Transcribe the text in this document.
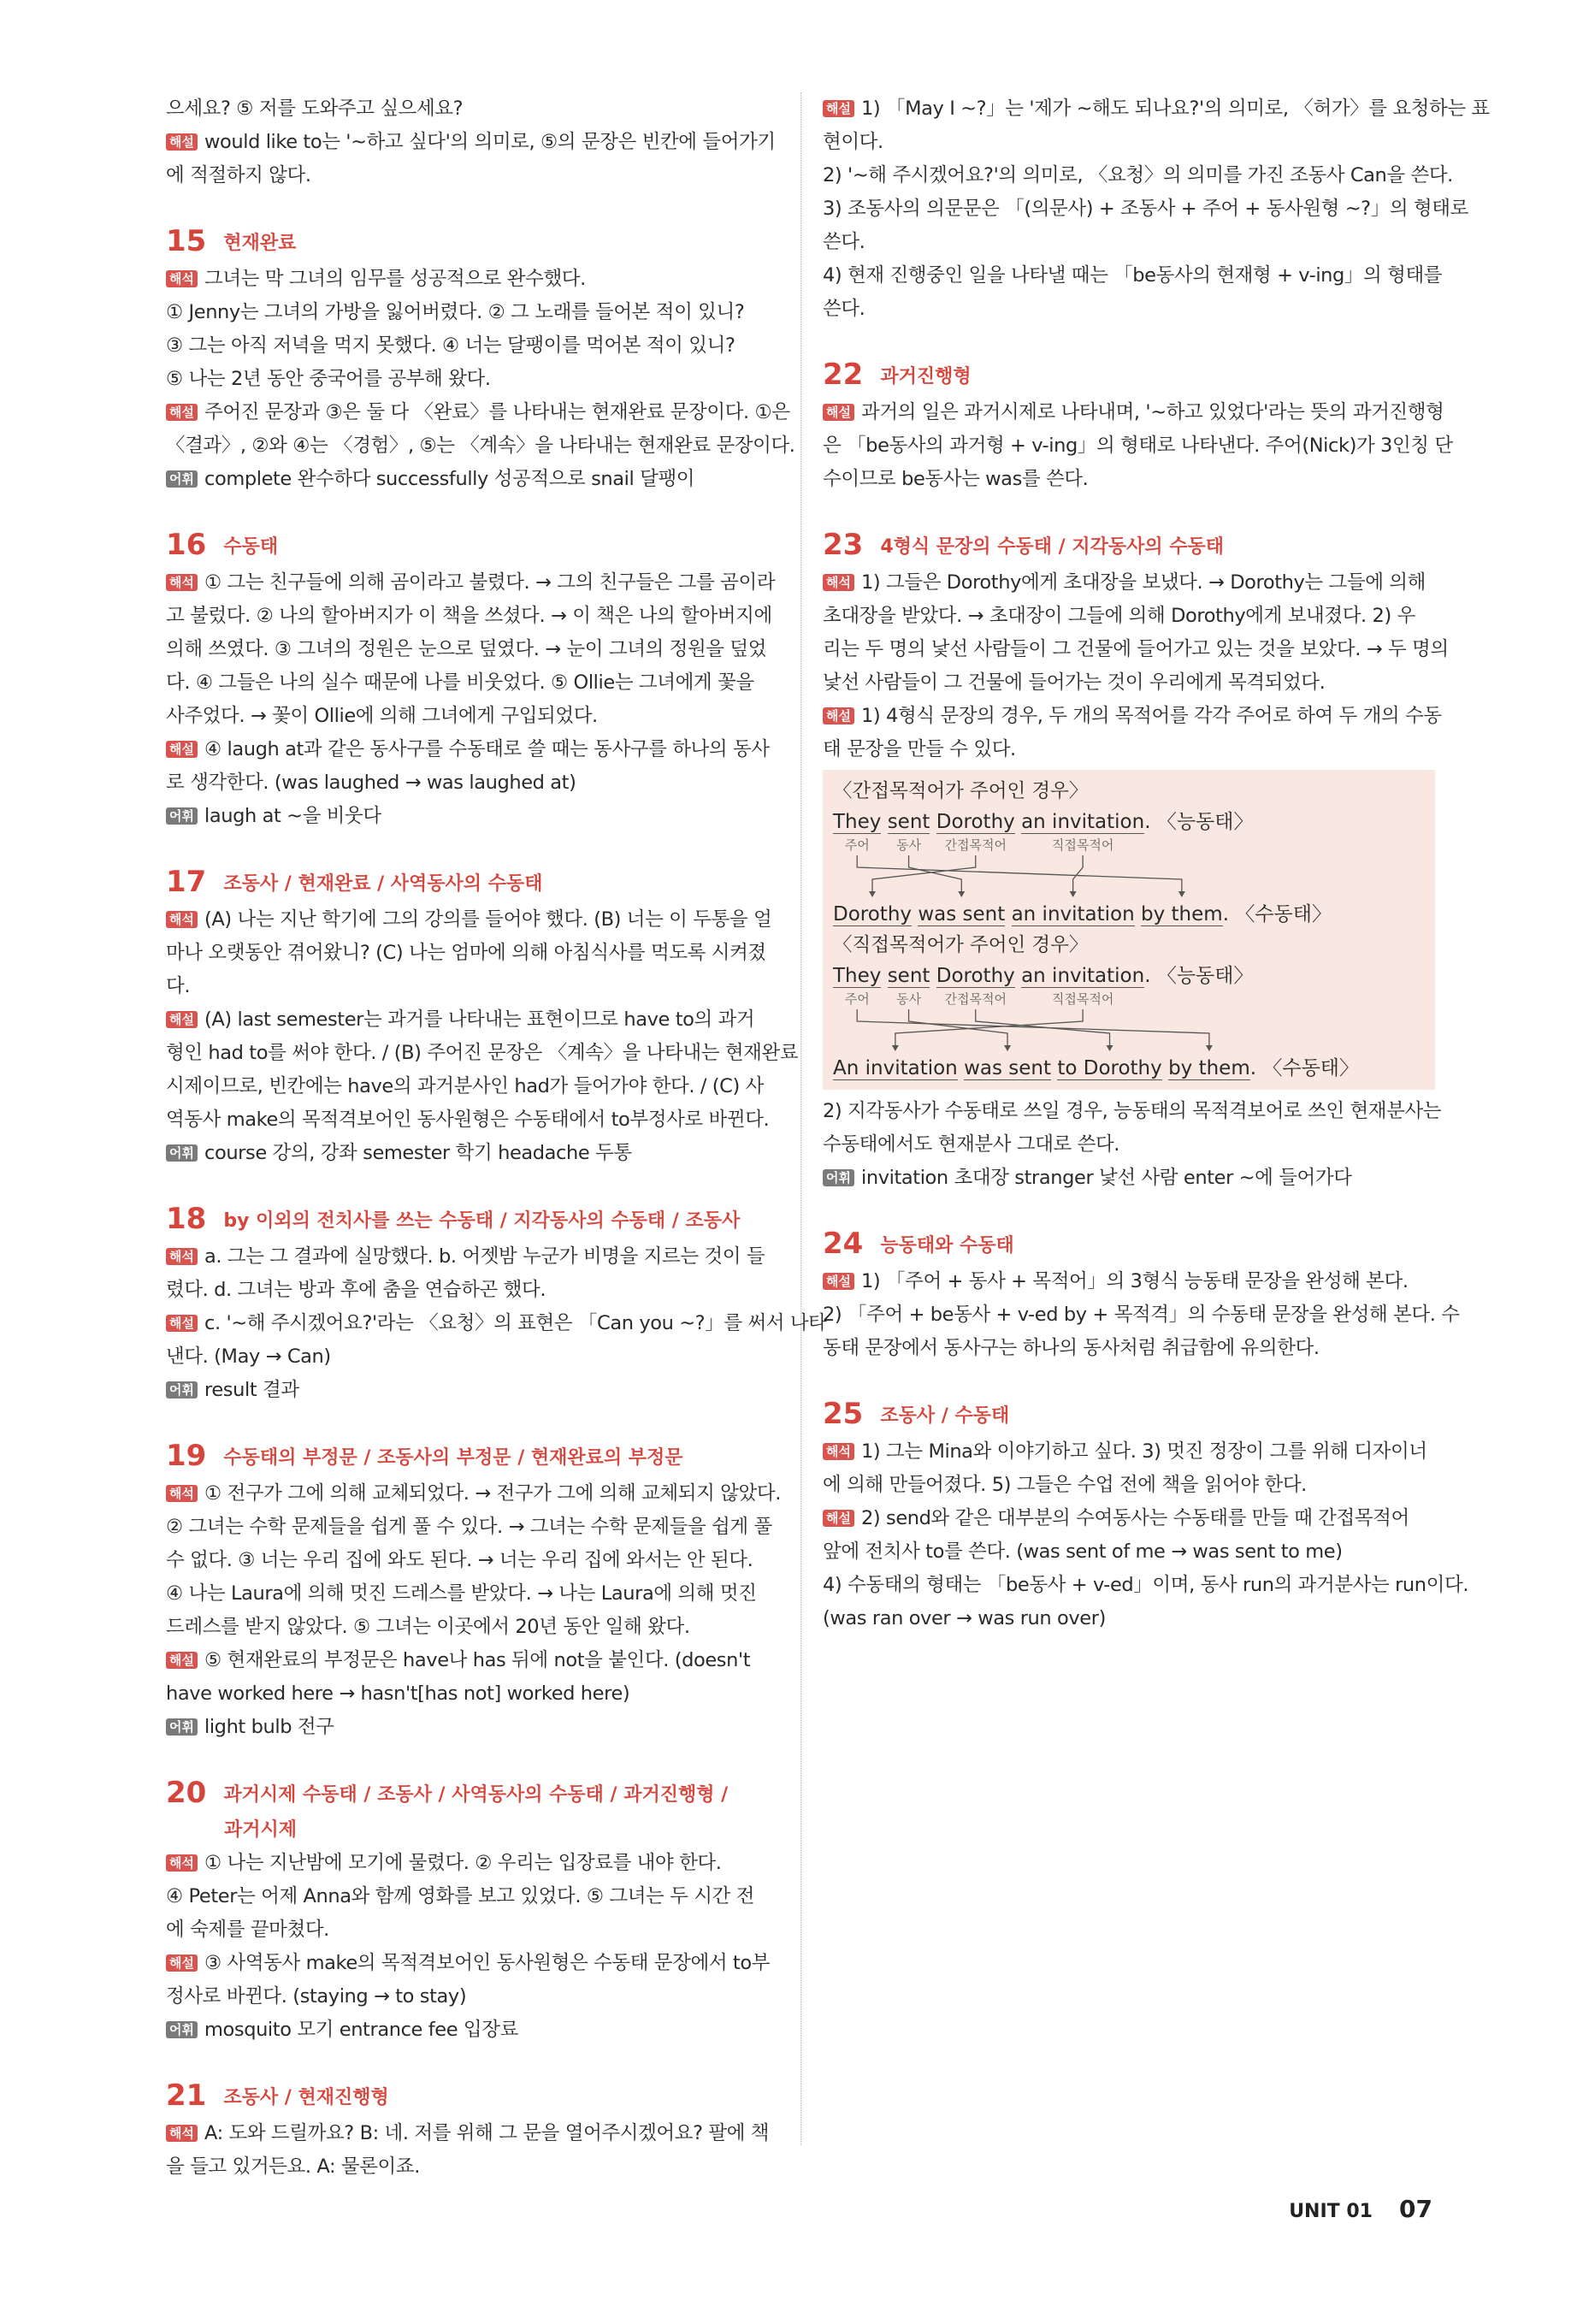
으세요? ⑤ 저를 도와주고 싶으세요?
해설 would like to는 '~하고 싶다'의 의미로, ⑤의 문장은 빈칸에 들어가기
에 적절하지 않다.
15 현재완료
해석 그녀는 막 그녀의 임무를 성공적으로 완수했다.
① Jenny는 그녀의 가방을 잃어버렸다. ② 그 노래를 들어본 적이 있니?
③ 그는 아직 저녁을 먹지 못했다. ④ 너는 달팽이를 먹어본 적이 있니?
⑤ 나는 2년 동안 중국어를 공부해 왔다.
해설 주어진 문장과 ③은 둘 다 〈완료〉를 나타내는 현재완료 문장이다. ①은
〈결과〉, ②와 ④는 〈경험〉, ⑤는 〈계속〉을 나타내는 현재완료 문장이다.
어휘 complete 완수하다 successfully 성공적으로 snail 달팽이
16 수동태
해석 ① 그는 친구들에 의해 곰이라고 불렸다. → 그의 친구들은 그를 곰이라
고 불렀다. ② 나의 할아버지가 이 책을 쓰셨다. → 이 책은 나의 할아버지에
의해 쓰였다. ③ 그녀의 정원은 눈으로 덮였다. → 눈이 그녀의 정원을 덮었
다. ④ 그들은 나의 실수 때문에 나를 비웃었다. ⑤ Ollie는 그녀에게 꽃을
사주었다. → 꽃이 Ollie에 의해 그녀에게 구입되었다.
해설 ④ laugh at과 같은 동사구를 수동태로 쓸 때는 동사구를 하나의 동사
로 생각한다. (was laughed → was laughed at)
어휘 laugh at ~을 비웃다
17 조동사 / 현재완료 / 사역동사의 수동태
해석 (A) 나는 지난 학기에 그의 강의를 들어야 했다. (B) 너는 이 두통을 얼
마나 오랫동안 겪어왔니? (C) 나는 엄마에 의해 아침식사를 먹도록 시켜졌
다.
해설 (A) last semester는 과거를 나타내는 표현이므로 have to의 과거
형인 had to를 써야 한다. / (B) 주어진 문장은 〈계속〉을 나타내는 현재완료
시제이므로, 빈칸에는 have의 과거분사인 had가 들어가야 한다. / (C) 사
역동사 make의 목적격보어인 동사원형은 수동태에서 to부정사로 바뀐다.
어휘 course 강의, 강좌 semester 학기 headache 두통
18 by 이외의 전치사를 쓰는 수동태 / 지각동사의 수동태 / 조동사
해석 a. 그는 그 결과에 실망했다. b. 어젯밤 누군가 비명을 지르는 것이 들
렸다. d. 그녀는 방과 후에 춤을 연습하곤 했다.
해설 c. '~해 주시겠어요?'라는 〈요청〉의 표현은 「Can you ~?」를 써서 나타
낸다. (May → Can)
어휘 result 결과
19 수동태의 부정문 / 조동사의 부정문 / 현재완료의 부정문
해석 ① 전구가 그에 의해 교체되었다. → 전구가 그에 의해 교체되지 않았다.
② 그녀는 수학 문제들을 쉽게 풀 수 있다. → 그녀는 수학 문제들을 쉽게 풀
수 없다. ③ 너는 우리 집에 와도 된다. → 너는 우리 집에 와서는 안 된다.
④ 나는 Laura에 의해 멋진 드레스를 받았다. → 나는 Laura에 의해 멋진
드레스를 받지 않았다. ⑤ 그녀는 이곳에서 20년 동안 일해 왔다.
해설 ⑤ 현재완료의 부정문은 have나 has 뒤에 not을 붙인다. (doesn't
have worked here → hasn't[has not] worked here)
어휘 light bulb 전구
20 과거시제 수동태 / 조동사 / 사역동사의 수동태 / 과거진행형 /
과거시제
해석 ① 나는 지난밤에 모기에 물렸다. ② 우리는 입장료를 내야 한다.
④ Peter는 어제 Anna와 함께 영화를 보고 있었다. ⑤ 그녀는 두 시간 전
에 숙제를 끝마쳤다.
해설 ③ 사역동사 make의 목적격보어인 동사원형은 수동태 문장에서 to부
정사로 바뀐다. (staying → to stay)
어휘 mosquito 모기 entrance fee 입장료
21 조동사 / 현재진행형
해석 A: 도와 드릴까요? B: 네. 저를 위해 그 문을 열어주시겠어요? 팔에 책
을 들고 있거든요. A: 물론이죠.
해설 1) 「May I ~?」는 '제가 ~해도 되나요?'의 의미로, 〈허가〉를 요청하는 표
현이다.
2) '~해 주시겠어요?'의 의미로, 〈요청〉의 의미를 가진 조동사 Can을 쓴다.
3) 조동사의 의문문은 「(의문사) + 조동사 + 주어 + 동사원형 ~?」의 형태로
쓴다.
4) 현재 진행중인 일을 나타낼 때는 「be동사의 현재형 + v-ing」의 형태를
쓴다.
22 과거진행형
해설 과거의 일은 과거시제로 나타내며, '~하고 있었다'라는 뜻의 과거진행형
은 「be동사의 과거형 + v-ing」의 형태로 나타낸다. 주어(Nick)가 3인칭 단
수이므로 be동사는 was를 쓴다.
23 4형식 문장의 수동태 / 지각동사의 수동태
해석 1) 그들은 Dorothy에게 초대장을 보냈다. → Dorothy는 그들에 의해
초대장을 받았다. → 초대장이 그들에 의해 Dorothy에게 보내졌다. 2) 우
리는 두 명의 낯선 사람들이 그 건물에 들어가고 있는 것을 보았다. → 두 명의
낯선 사람들이 그 건물에 들어가는 것이 우리에게 목격되었다.
해설 1) 4형식 문장의 경우, 두 개의 목적어를 각각 주어로 하여 두 개의 수동
태 문장을 만들 수 있다.
〈간접목적어가 주어인 경우〉
They sent Dorothy an invitation. 〈능동태〉
주어 동사 간접목적어	직접목적어
Dorothy was sent an invitation by them. 〈수동태〉
〈직접목적어가 주어인 경우〉
They sent Dorothy an invitation. 〈능동태〉
주어 동사 간접목적어	직접목적어
An invitation was sent to Dorothy by them. 〈수동태〉
2) 지각동사가 수동태로 쓰일 경우, 능동태의 목적격보어로 쓰인 현재분사는
수동태에서도 현재분사 그대로 쓴다.
어휘 invitation 초대장 stranger 낯선 사람 enter ~에 들어가다
24 능동태와 수동태
해설 1) 「주어 + 동사 + 목적어」의 3형식 능동태 문장을 완성해 본다.
2) 「주어 + be동사 + v-ed by + 목적격」의 수동태 문장을 완성해 본다. 수
동태 문장에서 동사구는 하나의 동사처럼 취급함에 유의한다.
25 조동사 / 수동태
해석 1) 그는 Mina와 이야기하고 싶다. 3) 멋진 정장이 그를 위해 디자이너
에 의해 만들어졌다. 5) 그들은 수업 전에 책을 읽어야 한다.
해설 2) send와 같은 대부분의 수여동사는 수동태를 만들 때 간접목적어
앞에 전치사 to를 쓴다. (was sent of me → was sent to me)
4) 수동태의 형태는 「be동사 + v-ed」이며, 동사 run의 과거분사는 run이다.
(was ran over → was run over)
UNIT 01 07
